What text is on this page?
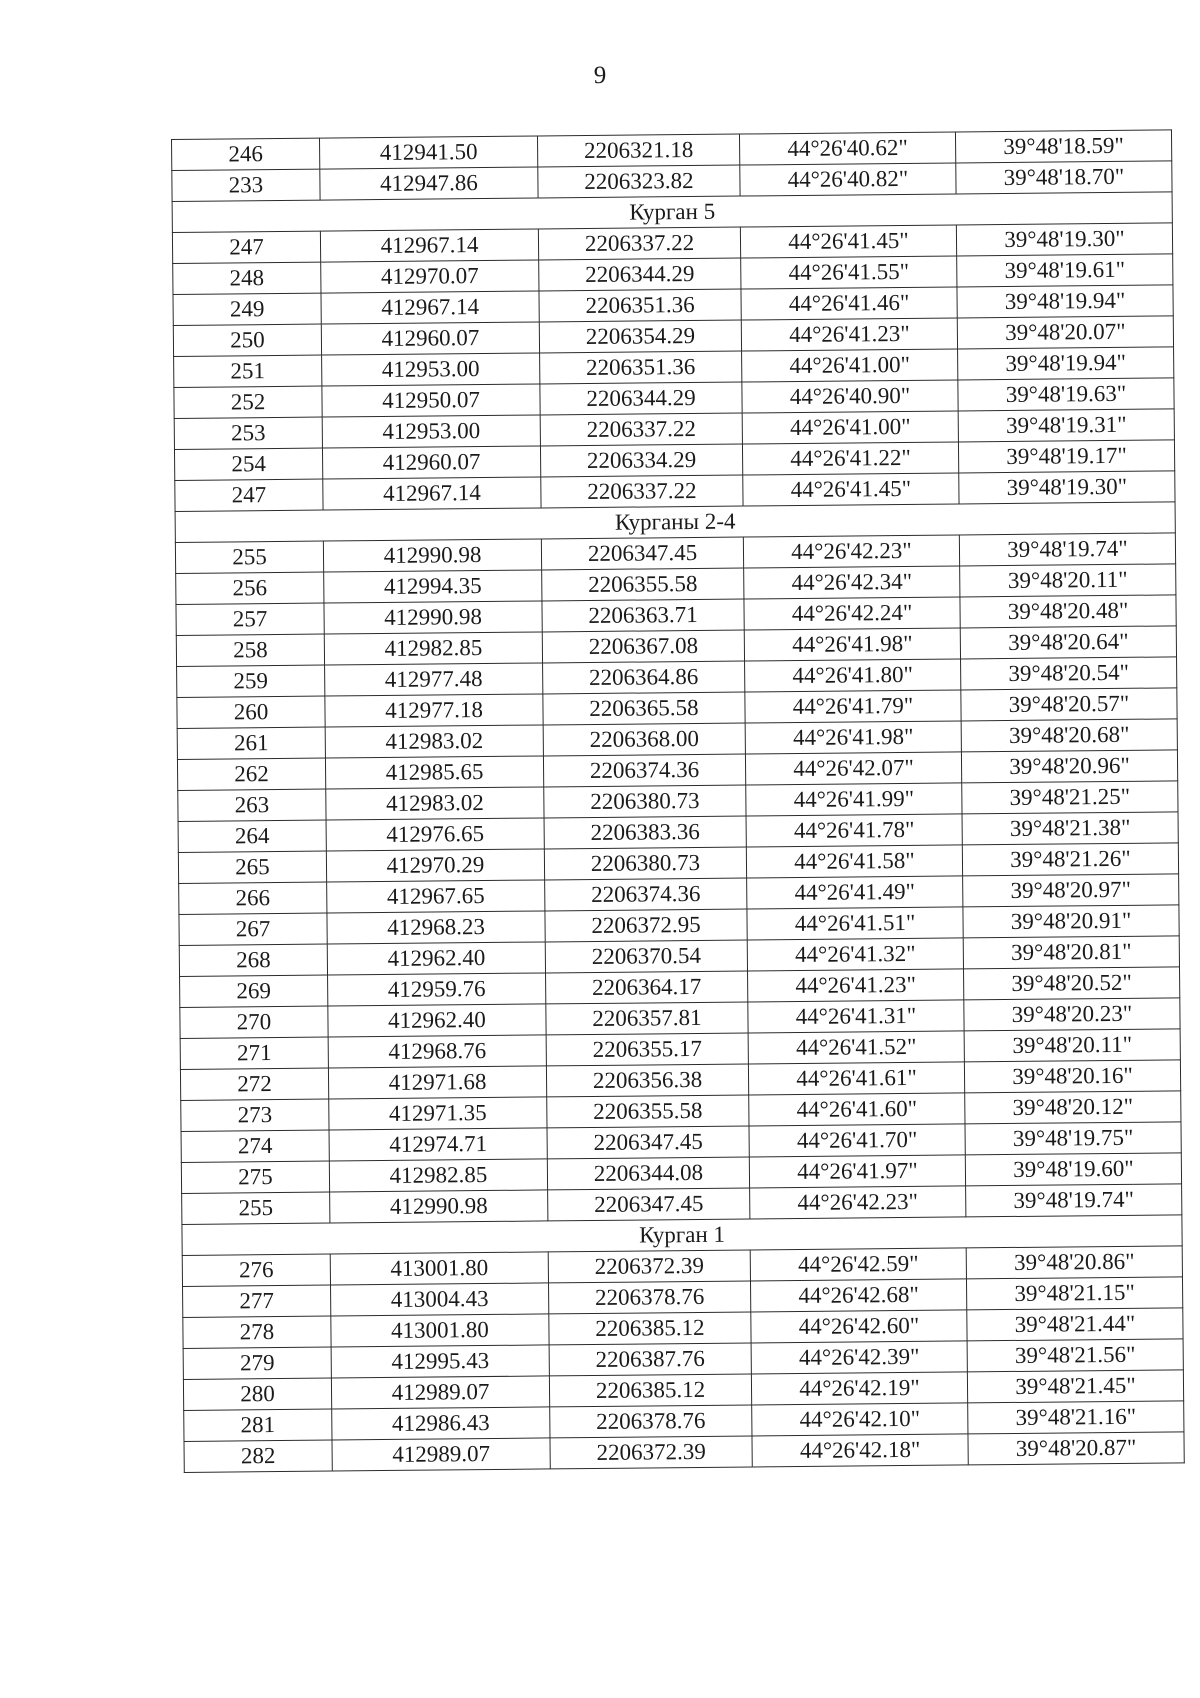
9
246	412941.50	2206321.18	44°26'40.62"	39°48'18.59"
233	412947.86	2206323.82	44°26'40.82"	39°48'18.70"
Курган 5				
247	412967.14	2206337.22	44°26'41.45"	39°48'19.30"
248	412970.07	2206344.29	44°26'41.55"	39°48'19.61"
249	412967.14	2206351.36	44°26'41.46"	39°48'19.94"
250	412960.07	2206354.29	44°26'41.23"	39°48'20.07"
251	412953.00	2206351.36	44°26'41.00"	39°48'19.94"
252	412950.07	2206344.29	44°26'40.90"	39°48'19.63"
253	412953.00	2206337.22	44°26'41.00"	39°48'19.31"
254	412960.07	2206334.29	44°26'41.22"	39°48'19.17"
247	412967.14	2206337.22	44°26'41.45"	39°48'19.30"
Курганы 2-4				
255	412990.98	2206347.45	44°26'42.23"	39°48'19.74"
256	412994.35	2206355.58	44°26'42.34"	39°48'20.11"
257	412990.98	2206363.71	44°26'42.24"	39°48'20.48"
258	412982.85	2206367.08	44°26'41.98"	39°48'20.64"
259	412977.48	2206364.86	44°26'41.80"	39°48'20.54"
260	412977.18	2206365.58	44°26'41.79"	39°48'20.57"
261	412983.02	2206368.00	44°26'41.98"	39°48'20.68"
262	412985.65	2206374.36	44°26'42.07"	39°48'20.96"
263	412983.02	2206380.73	44°26'41.99"	39°48'21.25"
264	412976.65	2206383.36	44°26'41.78"	39°48'21.38"
265	412970.29	2206380.73	44°26'41.58"	39°48'21.26"
266	412967.65	2206374.36	44°26'41.49"	39°48'20.97"
267	412968.23	2206372.95	44°26'41.51"	39°48'20.91"
268	412962.40	2206370.54	44°26'41.32"	39°48'20.81"
269	412959.76	2206364.17	44°26'41.23"	39°48'20.52"
270	412962.40	2206357.81	44°26'41.31"	39°48'20.23"
271	412968.76	2206355.17	44°26'41.52"	39°48'20.11"
272	412971.68	2206356.38	44°26'41.61"	39°48'20.16"
273	412971.35	2206355.58	44°26'41.60"	39°48'20.12"
274	412974.71	2206347.45	44°26'41.70"	39°48'19.75"
275	412982.85	2206344.08	44°26'41.97"	39°48'19.60"
255	412990.98	2206347.45	44°26'42.23"	39°48'19.74"
Курган 1				
276	413001.80	2206372.39	44°26'42.59"	39°48'20.86"
277	413004.43	2206378.76	44°26'42.68"	39°48'21.15"
278	413001.80	2206385.12	44°26'42.60"	39°48'21.44"
279	412995.43	2206387.76	44°26'42.39"	39°48'21.56"
280	412989.07	2206385.12	44°26'42.19"	39°48'21.45"
281	412986.43	2206378.76	44°26'42.10"	39°48'21.16"
282	412989.07	2206372.39	44°26'42.18"	39°48'20.87"
